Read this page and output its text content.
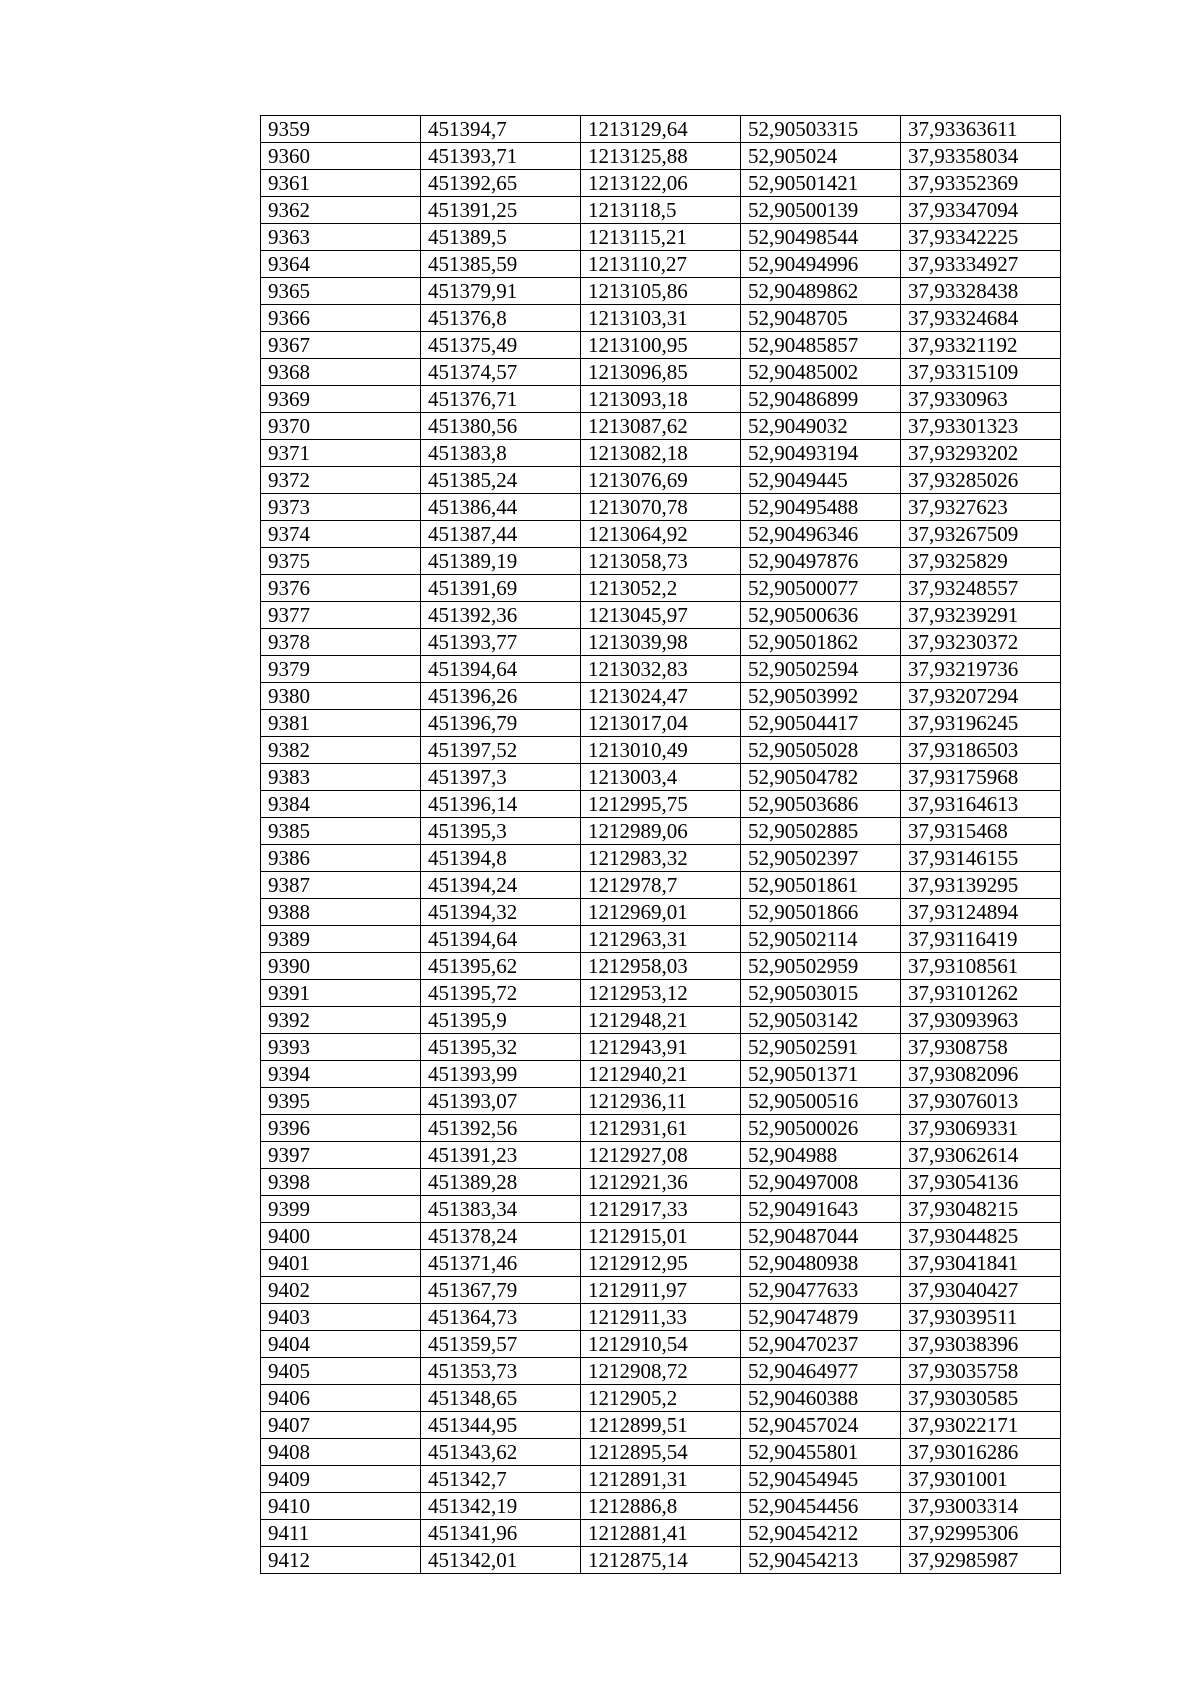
9359	451394,7	1213129,64	52,90503315	37,93363611
9360	451393,71	1213125,88	52,905024	37,93358034
9361	451392,65	1213122,06	52,90501421	37,93352369
9362	451391,25	1213118,5	52,90500139	37,93347094
9363	451389,5	1213115,21	52,90498544	37,93342225
9364	451385,59	1213110,27	52,90494996	37,93334927
9365	451379,91	1213105,86	52,90489862	37,93328438
9366	451376,8	1213103,31	52,9048705	37,93324684
9367	451375,49	1213100,95	52,90485857	37,93321192
9368	451374,57	1213096,85	52,90485002	37,93315109
9369	451376,71	1213093,18	52,90486899	37,9330963
9370	451380,56	1213087,62	52,9049032	37,93301323
9371	451383,8	1213082,18	52,90493194	37,93293202
9372	451385,24	1213076,69	52,9049445	37,93285026
9373	451386,44	1213070,78	52,90495488	37,9327623
9374	451387,44	1213064,92	52,90496346	37,93267509
9375	451389,19	1213058,73	52,90497876	37,9325829
9376	451391,69	1213052,2	52,90500077	37,93248557
9377	451392,36	1213045,97	52,90500636	37,93239291
9378	451393,77	1213039,98	52,90501862	37,93230372
9379	451394,64	1213032,83	52,90502594	37,93219736
9380	451396,26	1213024,47	52,90503992	37,93207294
9381	451396,79	1213017,04	52,90504417	37,93196245
9382	451397,52	1213010,49	52,90505028	37,93186503
9383	451397,3	1213003,4	52,90504782	37,93175968
9384	451396,14	1212995,75	52,90503686	37,93164613
9385	451395,3	1212989,06	52,90502885	37,9315468
9386	451394,8	1212983,32	52,90502397	37,93146155
9387	451394,24	1212978,7	52,90501861	37,93139295
9388	451394,32	1212969,01	52,90501866	37,93124894
9389	451394,64	1212963,31	52,90502114	37,93116419
9390	451395,62	1212958,03	52,90502959	37,93108561
9391	451395,72	1212953,12	52,90503015	37,93101262
9392	451395,9	1212948,21	52,90503142	37,93093963
9393	451395,32	1212943,91	52,90502591	37,9308758
9394	451393,99	1212940,21	52,90501371	37,93082096
9395	451393,07	1212936,11	52,90500516	37,93076013
9396	451392,56	1212931,61	52,90500026	37,93069331
9397	451391,23	1212927,08	52,904988	37,93062614
9398	451389,28	1212921,36	52,90497008	37,93054136
9399	451383,34	1212917,33	52,90491643	37,93048215
9400	451378,24	1212915,01	52,90487044	37,93044825
9401	451371,46	1212912,95	52,90480938	37,93041841
9402	451367,79	1212911,97	52,90477633	37,93040427
9403	451364,73	1212911,33	52,90474879	37,93039511
9404	451359,57	1212910,54	52,90470237	37,93038396
9405	451353,73	1212908,72	52,90464977	37,93035758
9406	451348,65	1212905,2	52,90460388	37,93030585
9407	451344,95	1212899,51	52,90457024	37,93022171
9408	451343,62	1212895,54	52,90455801	37,93016286
9409	451342,7	1212891,31	52,90454945	37,9301001
9410	451342,19	1212886,8	52,90454456	37,93003314
9411	451341,96	1212881,41	52,90454212	37,92995306
9412	451342,01	1212875,14	52,90454213	37,92985987
